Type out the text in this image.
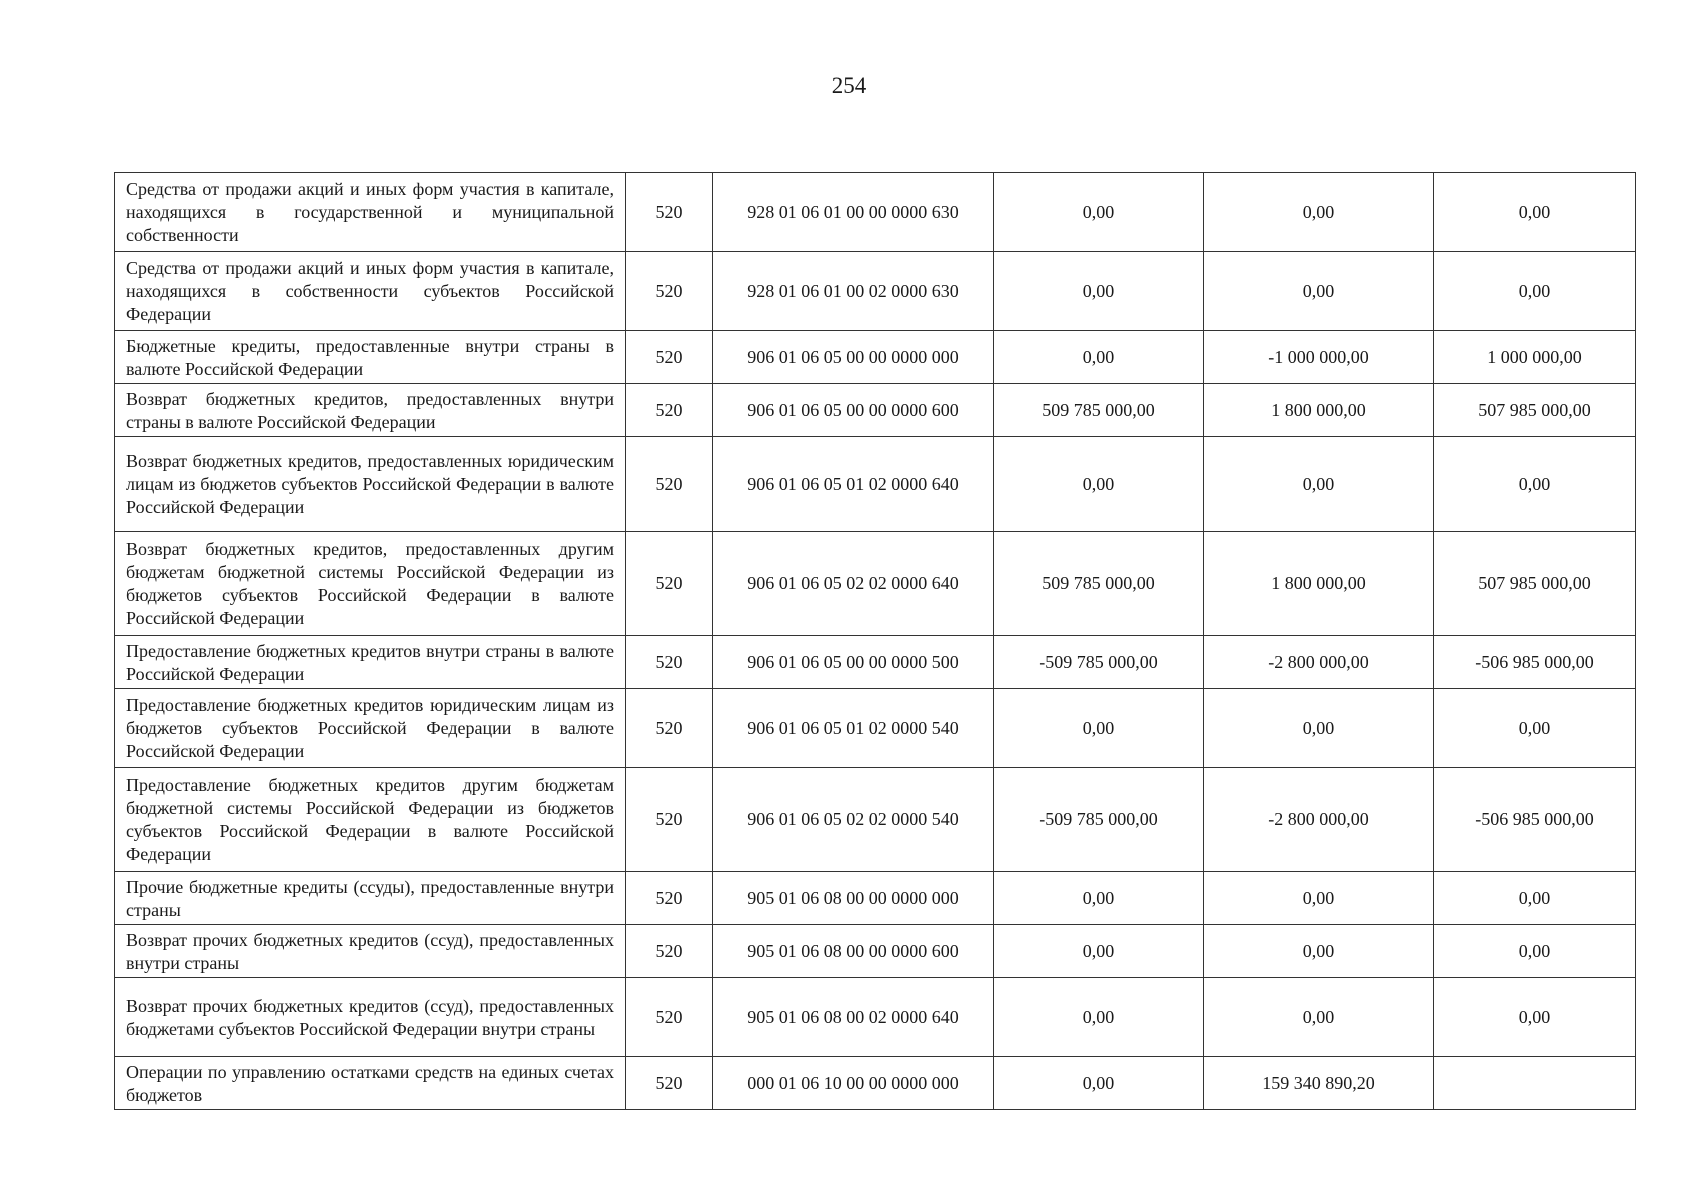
254
Средства от продажи акций и иных форм участия в капитале, находящихся в государственной и муниципальной собственности	520	928 01 06 01 00 00 0000 630	0,00	0,00	0,00
Средства от продажи акций и иных форм участия в капитале, находящихся в собственности субъектов Российской Федерации	520	928 01 06 01 00 02 0000 630	0,00	0,00	0,00
Бюджетные кредиты, предоставленные внутри страны в валюте Российской Федерации	520	906 01 06 05 00 00 0000 000	0,00	-1 000 000,00	1 000 000,00
Возврат бюджетных кредитов, предоставленных внутри страны в валюте Российской Федерации	520	906 01 06 05 00 00 0000 600	509 785 000,00	1 800 000,00	507 985 000,00
Возврат бюджетных кредитов, предоставленных юридическим лицам из бюджетов субъектов Российской Федерации в валюте Российской Федерации	520	906 01 06 05 01 02 0000 640	0,00	0,00	0,00
Возврат бюджетных кредитов, предоставленных другим бюджетам бюджетной системы Российской Федерации из бюджетов субъектов Российской Федерации в валюте Российской Федерации	520	906 01 06 05 02 02 0000 640	509 785 000,00	1 800 000,00	507 985 000,00
Предоставление бюджетных кредитов внутри страны в валюте Российской Федерации	520	906 01 06 05 00 00 0000 500	-509 785 000,00	-2 800 000,00	-506 985 000,00
Предоставление бюджетных кредитов юридическим лицам из бюджетов субъектов Российской Федерации в валюте Российской Федерации	520	906 01 06 05 01 02 0000 540	0,00	0,00	0,00
Предоставление бюджетных кредитов другим бюджетам бюджетной системы Российской Федерации из бюджетов субъектов Российской Федерации в валюте Российской Федерации	520	906 01 06 05 02 02 0000 540	-509 785 000,00	-2 800 000,00	-506 985 000,00
Прочие бюджетные кредиты (ссуды), предоставленные внутри страны	520	905 01 06 08 00 00 0000 000	0,00	0,00	0,00
Возврат прочих бюджетных кредитов (ссуд), предоставленных внутри страны	520	905 01 06 08 00 00 0000 600	0,00	0,00	0,00
Возврат прочих бюджетных кредитов (ссуд), предоставленных бюджетами субъектов Российской Федерации внутри страны	520	905 01 06 08 00 02 0000 640	0,00	0,00	0,00
Операции по управлению остатками средств на единых счетах бюджетов	520	000 01 06 10 00 00 0000 000	0,00	159 340 890,20	
